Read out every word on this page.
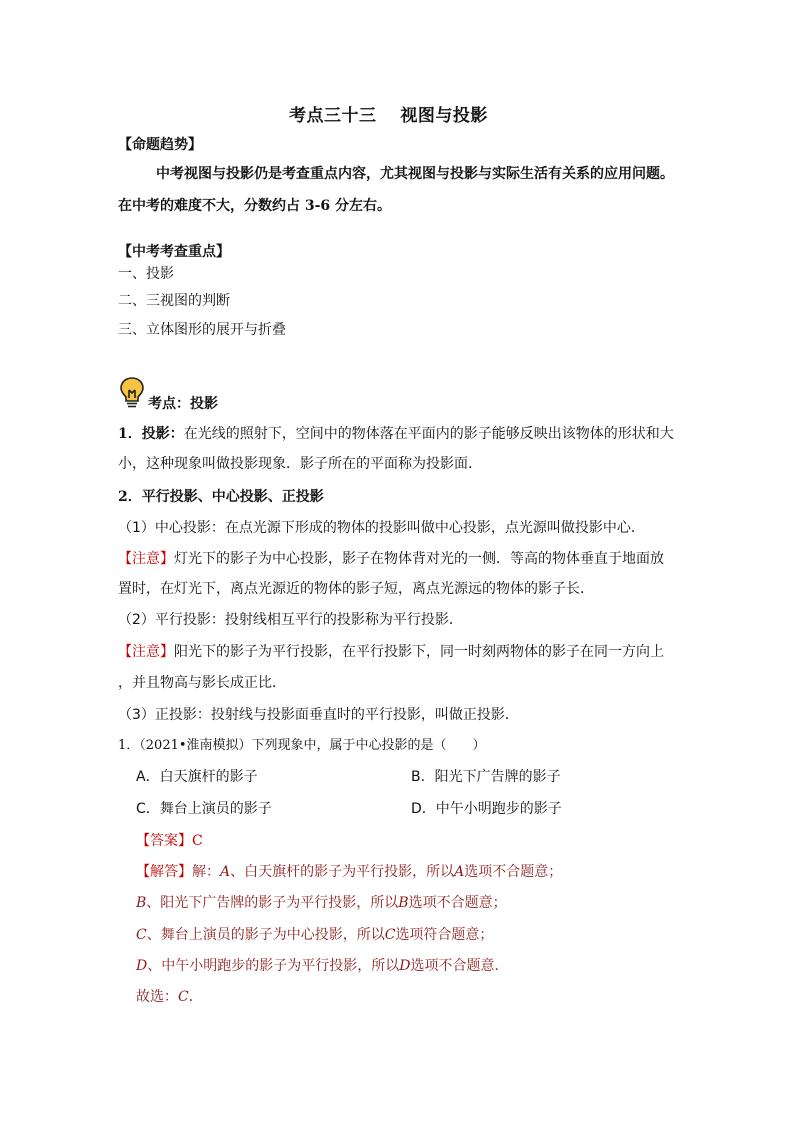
考点三十三　 视图与投影
【命题趋势】
中考视图与投影仍是考查重点内容，尤其视图与投影与实际生活有关系的应用问题。
在中考的难度不大，分数约占 3-6 分左右。
【中考考查重点】
一、投影
二、三视图的判断
三、立体图形的展开与折叠
考点：投影
1．投影：在光线的照射下，空间中的物体落在平面内的影子能够反映出该物体的形状和大
小，这种现象叫做投影现象．影子所在的平面称为投影面．
2．平行投影、中心投影、正投影
（1）中心投影：在点光源下形成的物体的投影叫做中心投影，点光源叫做投影中心．
【注意】灯光下的影子为中心投影，影子在物体背对光的一侧．等高的物体垂直于地面放
置时，在灯光下，离点光源近的物体的影子短，离点光源远的物体的影子长．
（2）平行投影：投射线相互平行的投影称为平行投影．
【注意】阳光下的影子为平行投影，在平行投影下，同一时刻两物体的影子在同一方向上
，并且物高与影长成正比．
（3）正投影：投射线与投影面垂直时的平行投影，叫做正投影．
1．（2021•淮南模拟）下列现象中，属于中心投影的是（　　）
A．白天旗杆的影子	B．阳光下广告牌的影子
C．舞台上演员的影子	D．中午小明跑步的影子
【答案】C
【解答】解：A、白天旗杆的影子为平行投影，所以A选项不合题意；
B、阳光下广告牌的影子为平行投影，所以B选项不合题意；
C、舞台上演员的影子为中心投影，所以C选项符合题意；
D、中午小明跑步的影子为平行投影，所以D选项不合题意．
故选：C．
